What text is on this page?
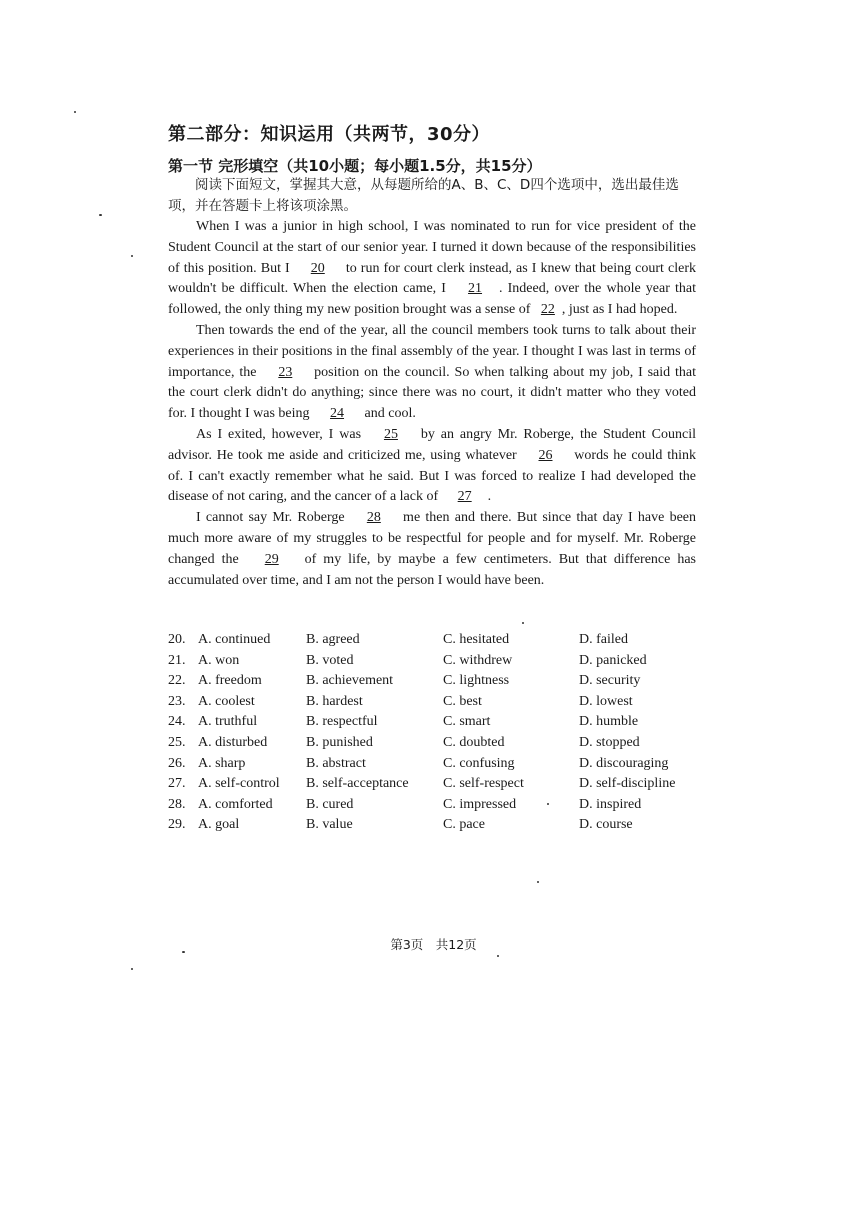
第二部分：知识运用（共两节，30分）
第一节 完形填空（共10小题；每小题1.5分，共15分）
阅读下面短文，掌握其大意，从每题所给的A、B、C、D四个选项中，选出最佳选项，并在答题卡上将该项涂黑。

When I was a junior in high school, I was nominated to run for vice president of the Student Council at the start of our senior year. I turned it down because of the responsibilities of this position. But I 20 to run for court clerk instead, as I knew that being court clerk wouldn't be difficult. When the election came, I 21 . Indeed, over the whole year that followed, the only thing my new position brought was a sense of 22 , just as I had hoped.

Then towards the end of the year, all the council members took turns to talk about their experiences in their positions in the final assembly of the year. I thought I was last in terms of importance, the 23 position on the council. So when talking about my job, I said that the court clerk didn't do anything; since there was no court, it didn't matter who they voted for. I thought I was being 24 and cool.

As I exited, however, I was 25 by an angry Mr. Roberge, the Student Council advisor. He took me aside and criticized me, using whatever 26 words he could think of. I can't exactly remember what he said. But I was forced to realize I had developed the disease of not caring, and the cancer of a lack of 27 .

I cannot say Mr. Roberge 28 me then and there. But since that day I have been much more aware of my struggles to be respectful for people and for myself. Mr. Roberge changed the 29 of my life, by maybe a few centimeters. But that difference has accumulated over time, and I am not the person I would have been.

20. A. continued	B. agreed	C. hesitated	D. failed
21. A. won	B. voted	C. withdrew	D. panicked
22. A. freedom	B. achievement	C. lightness	D. security
23. A. coolest	B. hardest	C. best	D. lowest
24. A. truthful	B. respectful	C. smart	D. humble
25. A. disturbed	B. punished	C. doubted	D. stopped
26. A. sharp	B. abstract	C. confusing	D. discouraging
27. A. self-control B. self-acceptance C. self-respect	D. self-discipline
28. A. comforted B. cured	C. impressed	D. inspired
29. A. goal	B. value	C. pace	D. course
第3页　共12页
